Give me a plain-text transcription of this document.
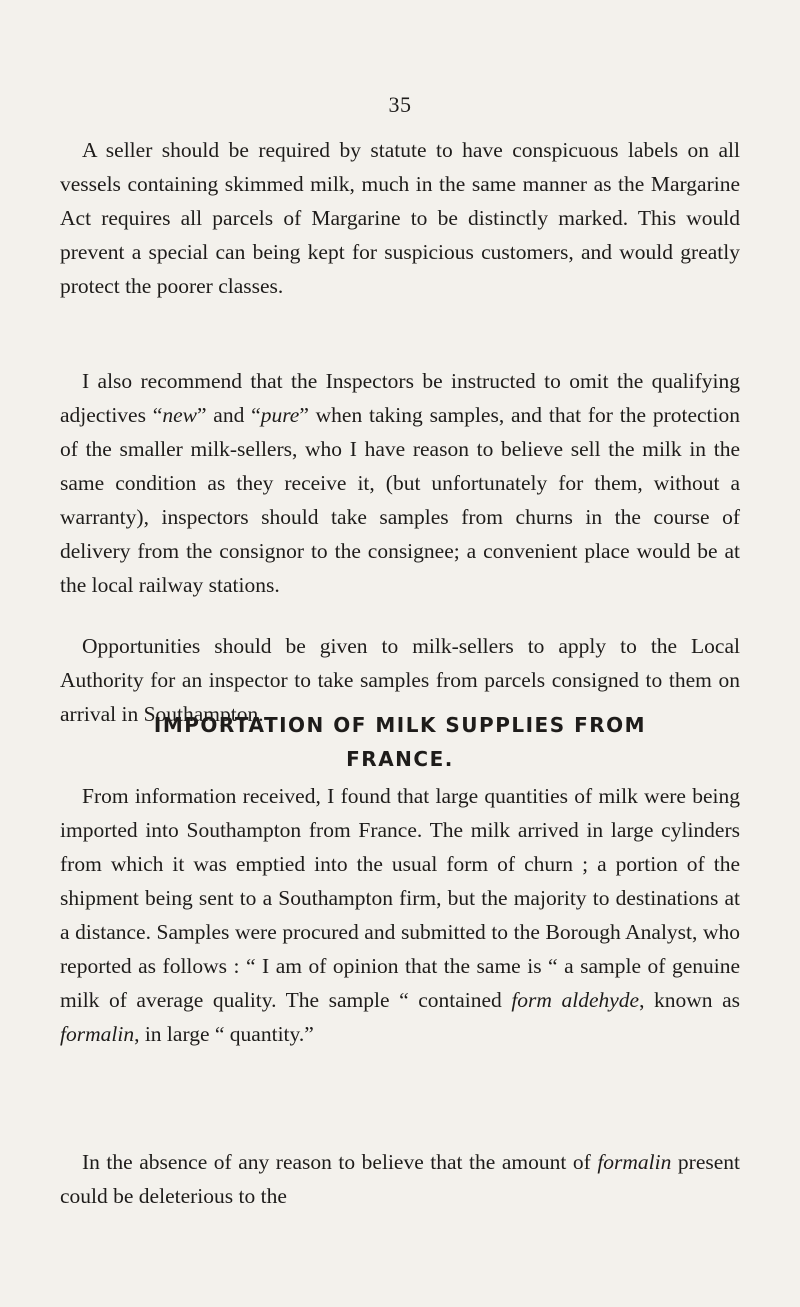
35

A seller should be required by statute to have conspicuous labels on all vessels containing skimmed milk, much in the same manner as the Margarine Act requires all parcels of Margarine to be distinctly marked. This would prevent a special can being kept for suspicious customers, and would greatly protect the poorer classes.

I also recommend that the Inspectors be instructed to omit the qualifying adjectives “new” and “pure” when taking samples, and that for the protection of the smaller milk-sellers, who I have reason to believe sell the milk in the same condition as they receive it, (but unfortunately for them, without a warranty), inspectors should take samples from churns in the course of delivery from the consignor to the consignee; a convenient place would be at the local railway stations.

Opportunities should be given to milk-sellers to apply to the Local Authority for an inspector to take samples from parcels consigned to them on arrival in Southampton.

IMPORTATION OF MILK SUPPLIES FROM
FRANCE.

From information received, I found that large quantities of milk were being imported into Southampton from France. The milk arrived in large cylinders from which it was emptied into the usual form of churn ; a portion of the shipment being sent to a Southampton firm, but the majority to destinations at a distance. Samples were procured and submitted to the Borough Analyst, who reported as follows : “ I am of opinion that the same is “ a sample of genuine milk of average quality. The sample “ contained form aldehyde, known as formalin, in large “ quantity.”

In the absence of any reason to believe that the amount of formalin present could be deleterious to the
